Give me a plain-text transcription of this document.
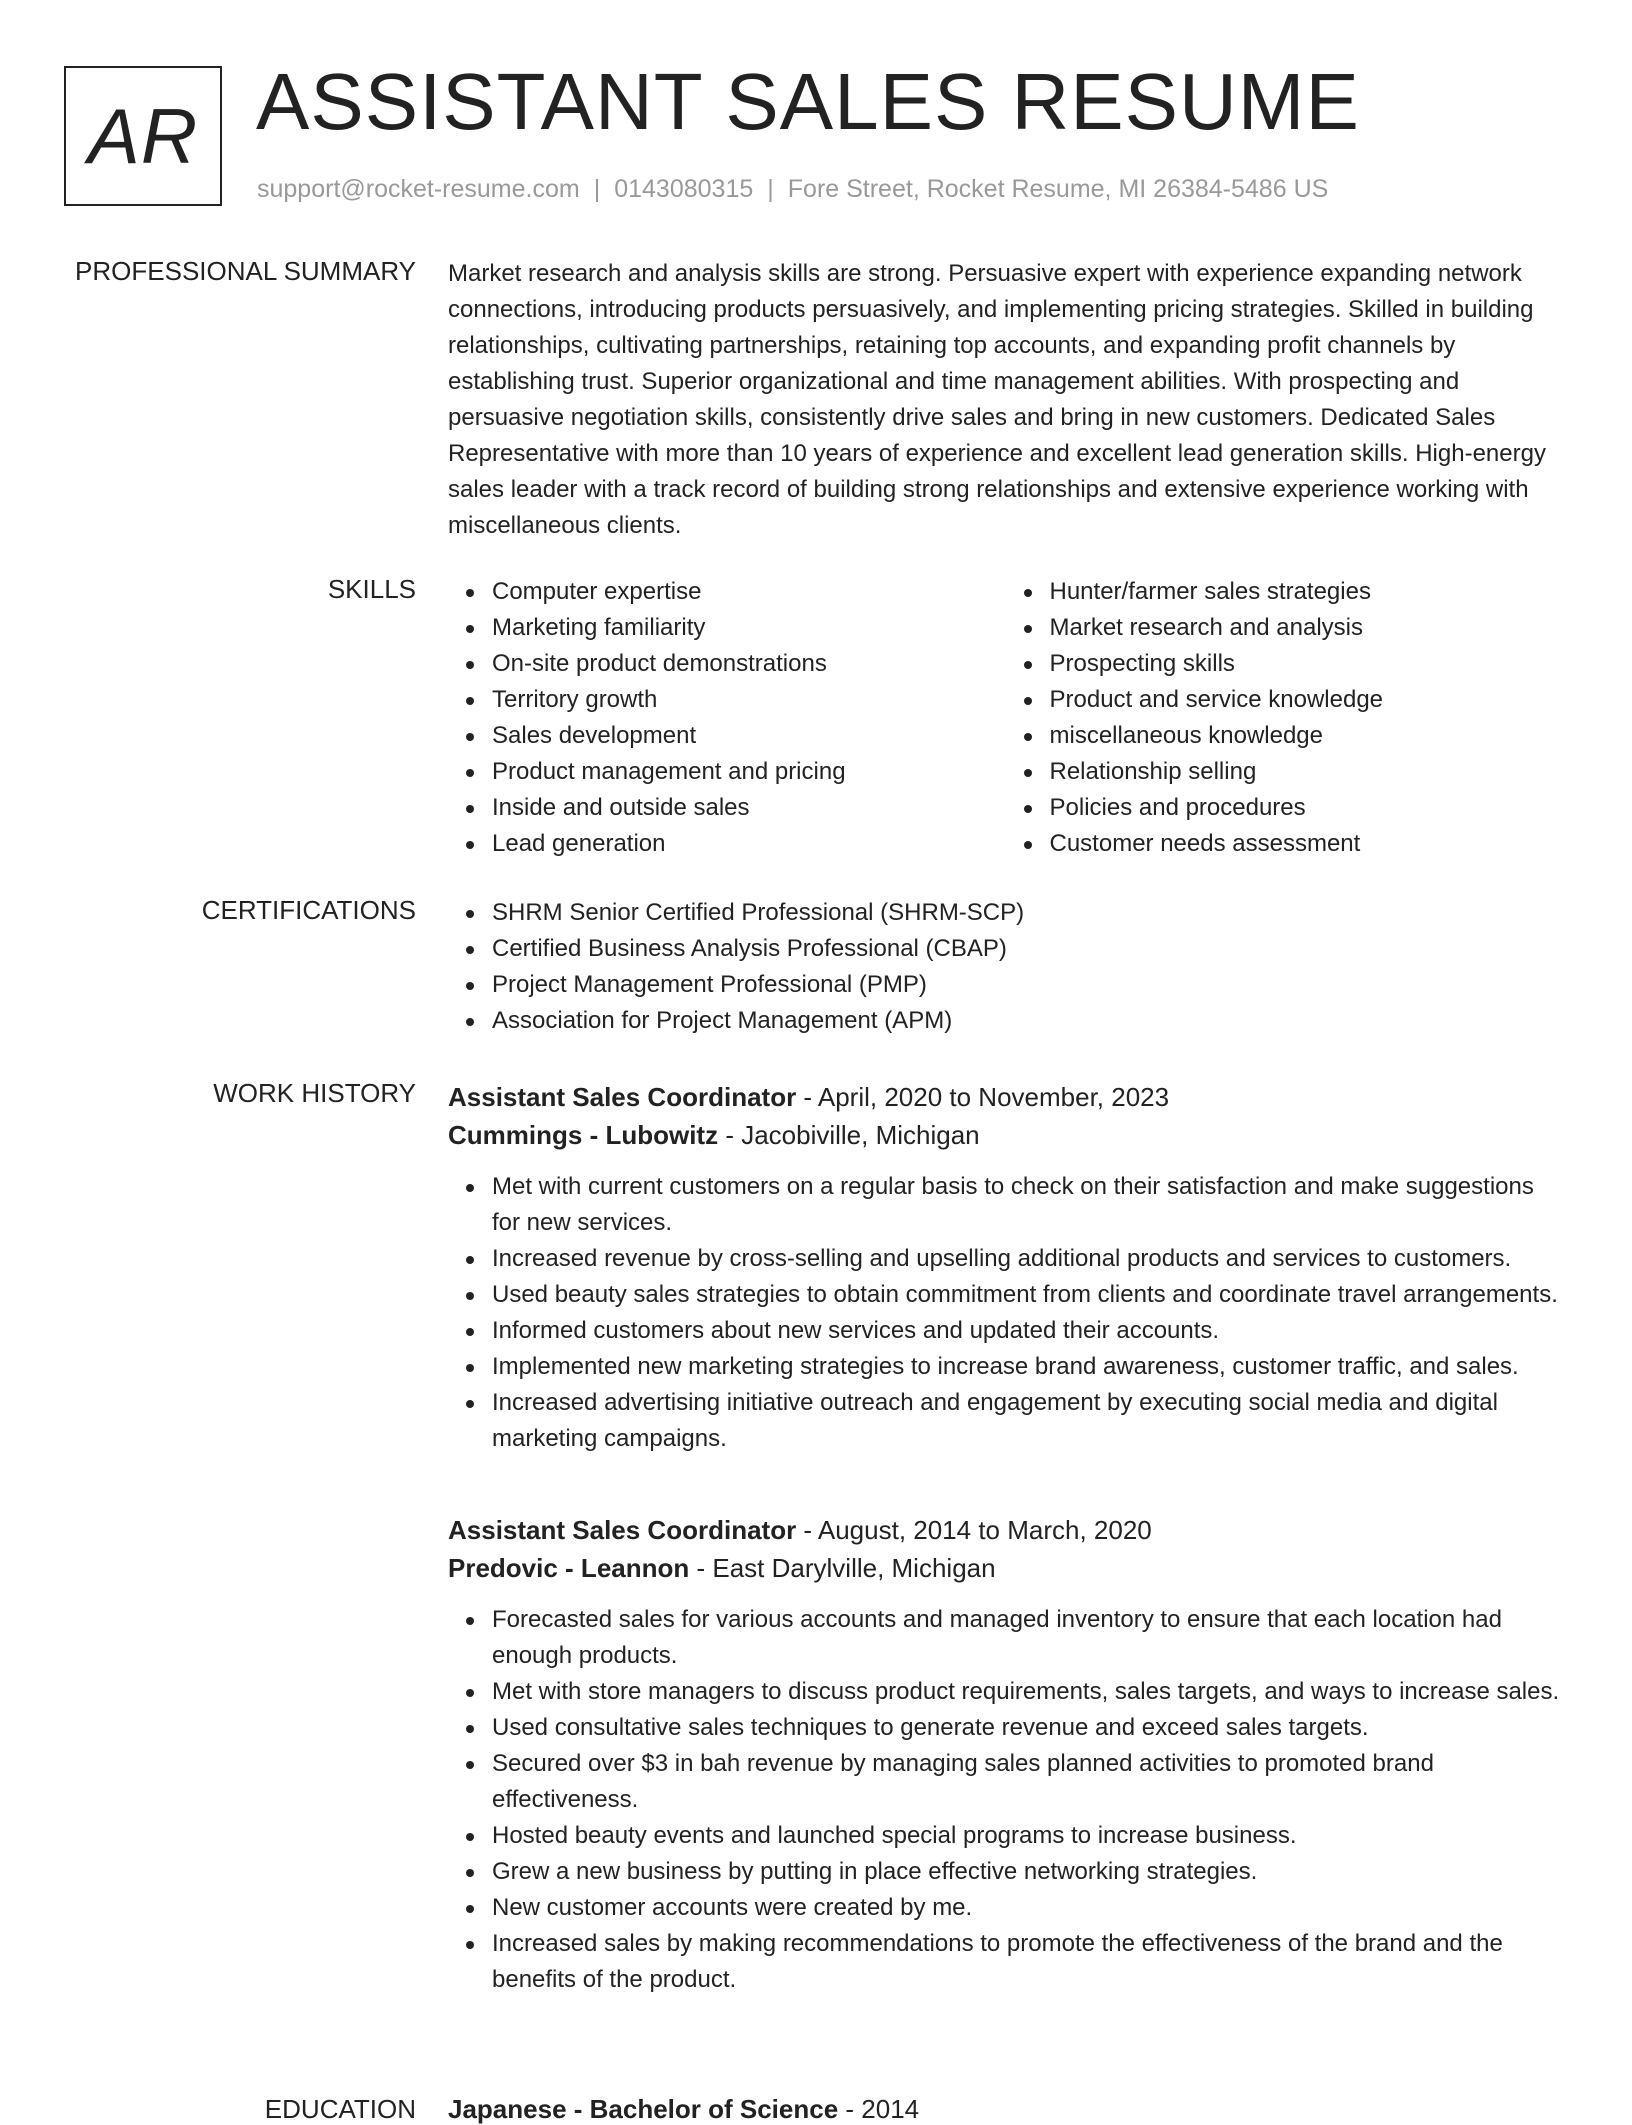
AR ASSISTANT SALES RESUME
support@rocket-resume.com | 0143080315 | Fore Street, Rocket Resume, MI 26384-5486 US
PROFESSIONAL SUMMARY Market research and analysis skills are strong. Persuasive expert with experience expanding network connections, introducing products persuasively, and implementing pricing strategies. Skilled in building relationships, cultivating partnerships, retaining top accounts, and expanding profit channels by establishing trust. Superior organizational and time management abilities. With prospecting and persuasive negotiation skills, consistently drive sales and bring in new customers. Dedicated Sales Representative with more than 10 years of experience and excellent lead generation skills. High-energy sales leader with a track record of building strong relationships and extensive experience working with miscellaneous clients.
SKILLS	Computer expertise
Marketing familiarity
On-site product demonstrations
Territory growth
Sales development
Product management and pricing
Inside and outside sales
Lead generation
Hunter/farmer sales strategies
Market research and analysis
Prospecting skills
Product and service knowledge
miscellaneous knowledge
Relationship selling
Policies and procedures
Customer needs assessment
CERTIFICATIONS	SHRM Senior Certified Professional (SHRM-SCP)
Certified Business Analysis Professional (CBAP)
Project Management Professional (PMP)
Association for Project Management (APM)
WORK HISTORY Assistant Sales Coordinator - April, 2020 to November, 2023
Cummings - Lubowitz - Jacobiville, Michigan
Met with current customers on a regular basis to check on their satisfaction and make suggestions for new services.
Increased revenue by cross-selling and upselling additional products and services to customers.
Used beauty sales strategies to obtain commitment from clients and coordinate travel arrangements.
Informed customers about new services and updated their accounts.
Implemented new marketing strategies to increase brand awareness, customer traffic, and sales.
Increased advertising initiative outreach and engagement by executing social media and digital marketing campaigns.
Assistant Sales Coordinator - August, 2014 to March, 2020
Predovic - Leannon - East Darylville, Michigan
Forecasted sales for various accounts and managed inventory to ensure that each location had enough products.
Met with store managers to discuss product requirements, sales targets, and ways to increase sales.
Used consultative sales techniques to generate revenue and exceed sales targets.
Secured over $3 in bah revenue by managing sales planned activities to promoted brand effectiveness.
Hosted beauty events and launched special programs to increase business.
Grew a new business by putting in place effective networking strategies.
New customer accounts were created by me.
Increased sales by making recommendations to promote the effectiveness of the brand and the benefits of the product.
EDUCATION Japanese - Bachelor of Science - 2014
